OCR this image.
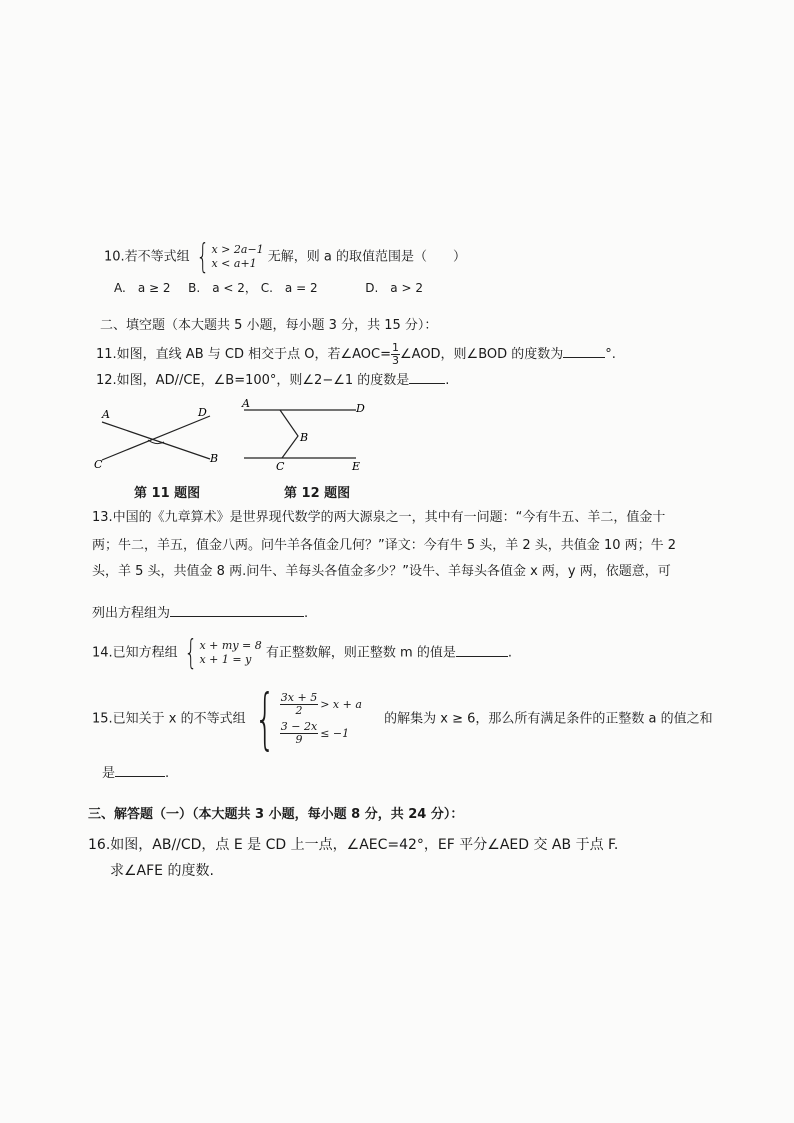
10.若不等式组 { x > 2a−1
x < a+1 无解，则 a 的取值范围是（　　）
A.　a ≥ 2 B.　a < 2， C.　a = 2	D.　a > 2
二、填空题（本大题共 5 小题，每小题 3 分，共 15 分）：
11.如图，直线 AB 与 CD 相交于点 O，若∠AOC= $\frac{1}{3}$ ∠AOD，则∠BOD 的度数为	°.
12.如图，AD//CE，∠B=100°，则∠2−∠1 的度数是	.
A	D
C	B
A	D
B
C	E
第 11 题图	第 12 题图
13.中国的《九章算术》是世界现代数学的两大源泉之一，其中有一问题：“今有牛五、羊二，值金十
两；牛二，羊五，值金八两。问牛羊各值金几何？”译文：今有牛 5 头，羊 2 头，共值金 10 两；牛 2
头，羊 5 头，共值金 8 两.问牛、羊每头各值金多少？”设牛、羊每头各值金 x 两，y 两，依题意，可
列出方程组为	.
14.已知方程组 { x + my = 8
x + 1 = y	有正整数解，则正整数 m 的值是	.
15.已知关于 x 的不等式组 { $\frac{3x + 5}{2} > x + a$
$\frac{3 - 2x}{9} \le -1$
的解集为 x ≥ 6，那么所有满足条件的正整数 a 的值之和
是	.
三、解答题（一）（本大题共 3 小题，每小题 8 分，共 24 分）：
16.如图，AB//CD，点 E 是 CD 上一点，∠AEC=42°，EF 平分∠AED 交 AB 于点 F.
求∠AFE 的度数.
